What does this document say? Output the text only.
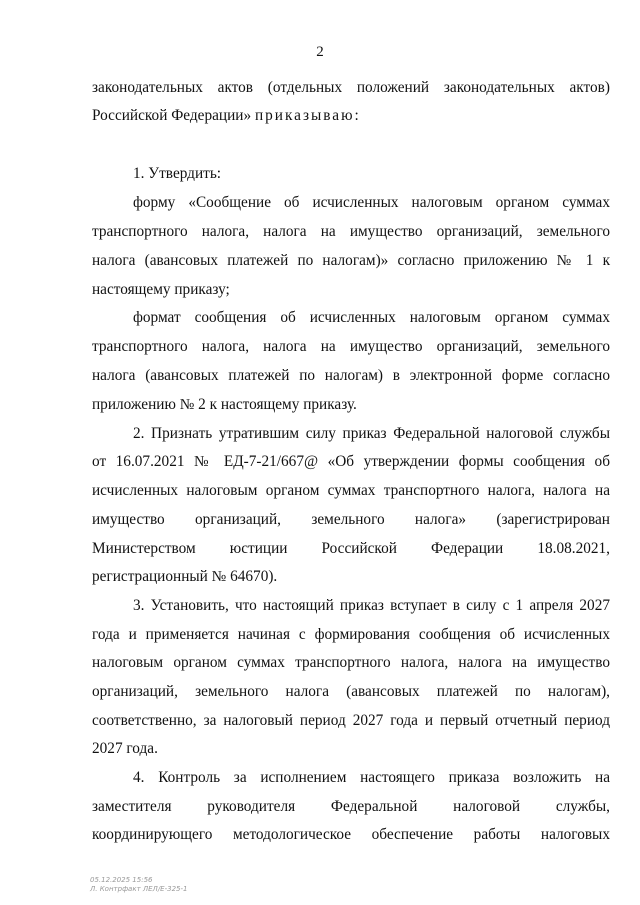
2
законодательных актов (отдельных положений законодательных актов)
Российской Федерации» приказываю:
1. Утвердить:
форму «Сообщение об исчисленных налоговым органом суммах
транспортного налога, налога на имущество организаций, земельного
налога (авансовых платежей по налогам)» согласно приложению № 1 к
настоящему приказу;
формат сообщения об исчисленных налоговым органом суммах
транспортного налога, налога на имущество организаций, земельного
налога (авансовых платежей по налогам) в электронной форме согласно
приложению № 2 к настоящему приказу.
2. Признать утратившим силу приказ Федеральной налоговой службы
от 16.07.2021 № ЕД-7-21/667@ «Об утверждении формы сообщения об
исчисленных налоговым органом суммах транспортного налога, налога на
имущество организаций, земельного налога» (зарегистрирован
Министерством юстиции Российской Федерации 18.08.2021,
регистрационный № 64670).
3. Установить, что настоящий приказ вступает в силу с 1 апреля 2027
года и применяется начиная с формирования сообщения об исчисленных
налоговым органом суммах транспортного налога, налога на имущество
организаций, земельного налога (авансовых платежей по налогам),
соответственно, за налоговый период 2027 года и первый отчетный период
2027 года.
4. Контроль за исполнением настоящего приказа возложить на
заместителя руководителя Федеральной налоговой службы,
координирующего методологическое обеспечение работы налоговых
05.12.2025 15:56
Л. Контрфакт ЛЕЛ/Е-325-1
